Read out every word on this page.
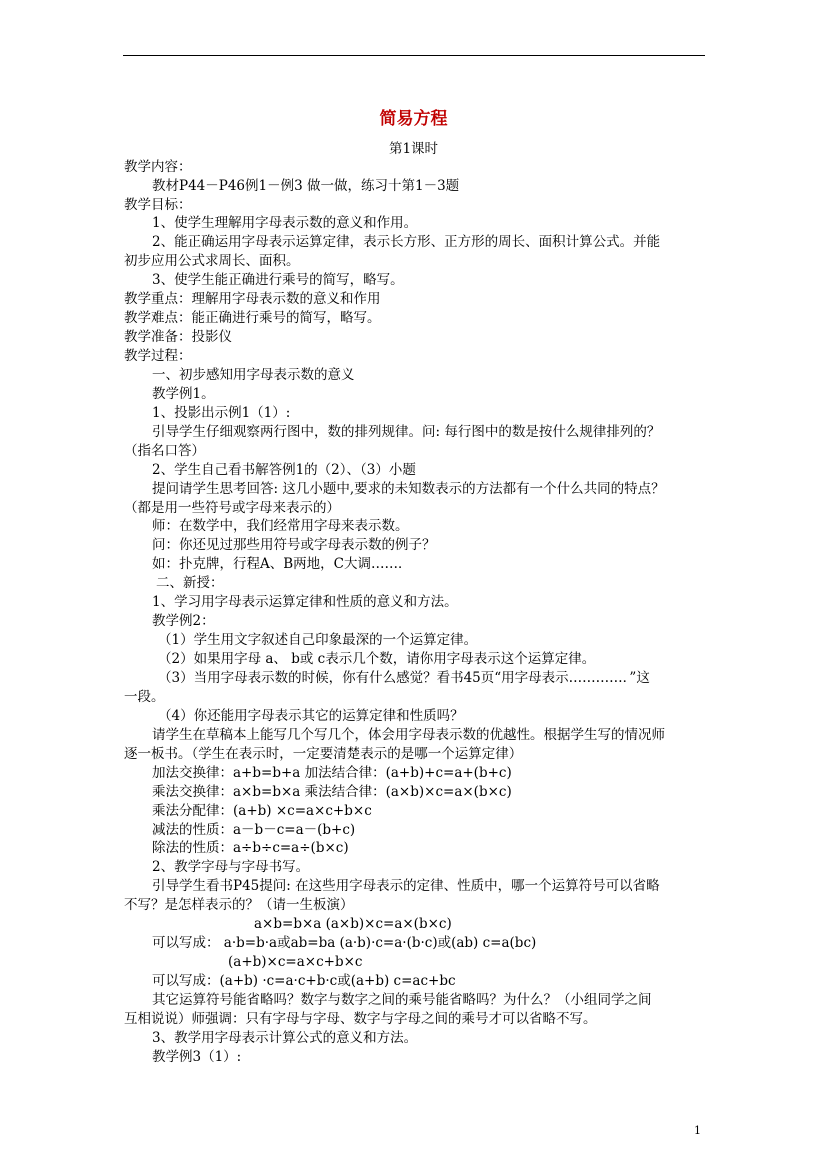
简易方程
第1课时
教学内容：
教材P44－P46例1－例3 做一做，练习十第1－3题
教学目标：
1、使学生理解用字母表示数的意义和作用。
2、能正确运用字母表示运算定律，表示长方形、正方形的周长、面积计算公式。并能
初步应用公式求周长、面积。
3、使学生能正确进行乘号的简写，略写。
教学重点：理解用字母表示数的意义和作用
教学难点：能正确进行乘号的简写，略写。
教学准备：投影仪
教学过程：
一、初步感知用字母表示数的意义
教学例1。
1、投影出示例1（1）:
引导学生仔细观察两行图中，数的排列规律。问: 每行图中的数是按什么规律排列的？
（指名口答）
2、学生自己看书解答例1的（2）、（3）小题
提问请学生思考回答: 这几小题中,要求的未知数表示的方法都有一个什么共同的特点？
（都是用一些符号或字母来表示的）
师：在数学中，我们经常用字母来表示数。
问：你还见过那些用符号或字母表示数的例子？
如：扑克牌，行程A、B两地，C大调……．
二、新授：
1、学习用字母表示运算定律和性质的意义和方法。
教学例2：
（1）学生用文字叙述自己印象最深的一个运算定律。
（2）如果用字母 a、 b或 c表示几个数，请你用字母表示这个运算定律。
（3）当用字母表示数的时候，你有什么感觉？看书45页“用字母表示…………．”这
一段。
（4）你还能用字母表示其它的运算定律和性质吗？
请学生在草稿本上能写几个写几个，体会用字母表示数的优越性。根据学生写的情况师
逐一板书。（学生在表示时，一定要清楚表示的是哪一个运算定律）
加法交换律：a+b=b+a 加法结合律：(a+b)+c=a+(b+c)
乘法交换律：a×b=b×a 乘法结合律：(a×b)×c=a×(b×c)
乘法分配律：(a+b) ×c=a×c+b×c
减法的性质：a－b－c=a－(b+c)
除法的性质：a÷b÷c=a÷(b×c)
2、教学字母与字母书写。
引导学生看书P45提问: 在这些用字母表示的定律、性质中，哪一个运算符号可以省略
不写？是怎样表示的？（请一生板演）
a×b=b×a (a×b)×c=a×(b×c)
可以写成： a·b=b·a或ab=ba (a·b)·c=a·(b·c)或(ab) c=a(bc)
(a+b)×c=a×c+b×c
可以写成：(a+b) ·c=a·c+b·c或(a+b) c=ac+bc
其它运算符号能省略吗？数字与数字之间的乘号能省略吗？为什么？（小组同学之间
互相说说）师强调：只有字母与字母、数字与字母之间的乘号才可以省略不写。
3、教学用字母表示计算公式的意义和方法。
教学例3（1）:
1
